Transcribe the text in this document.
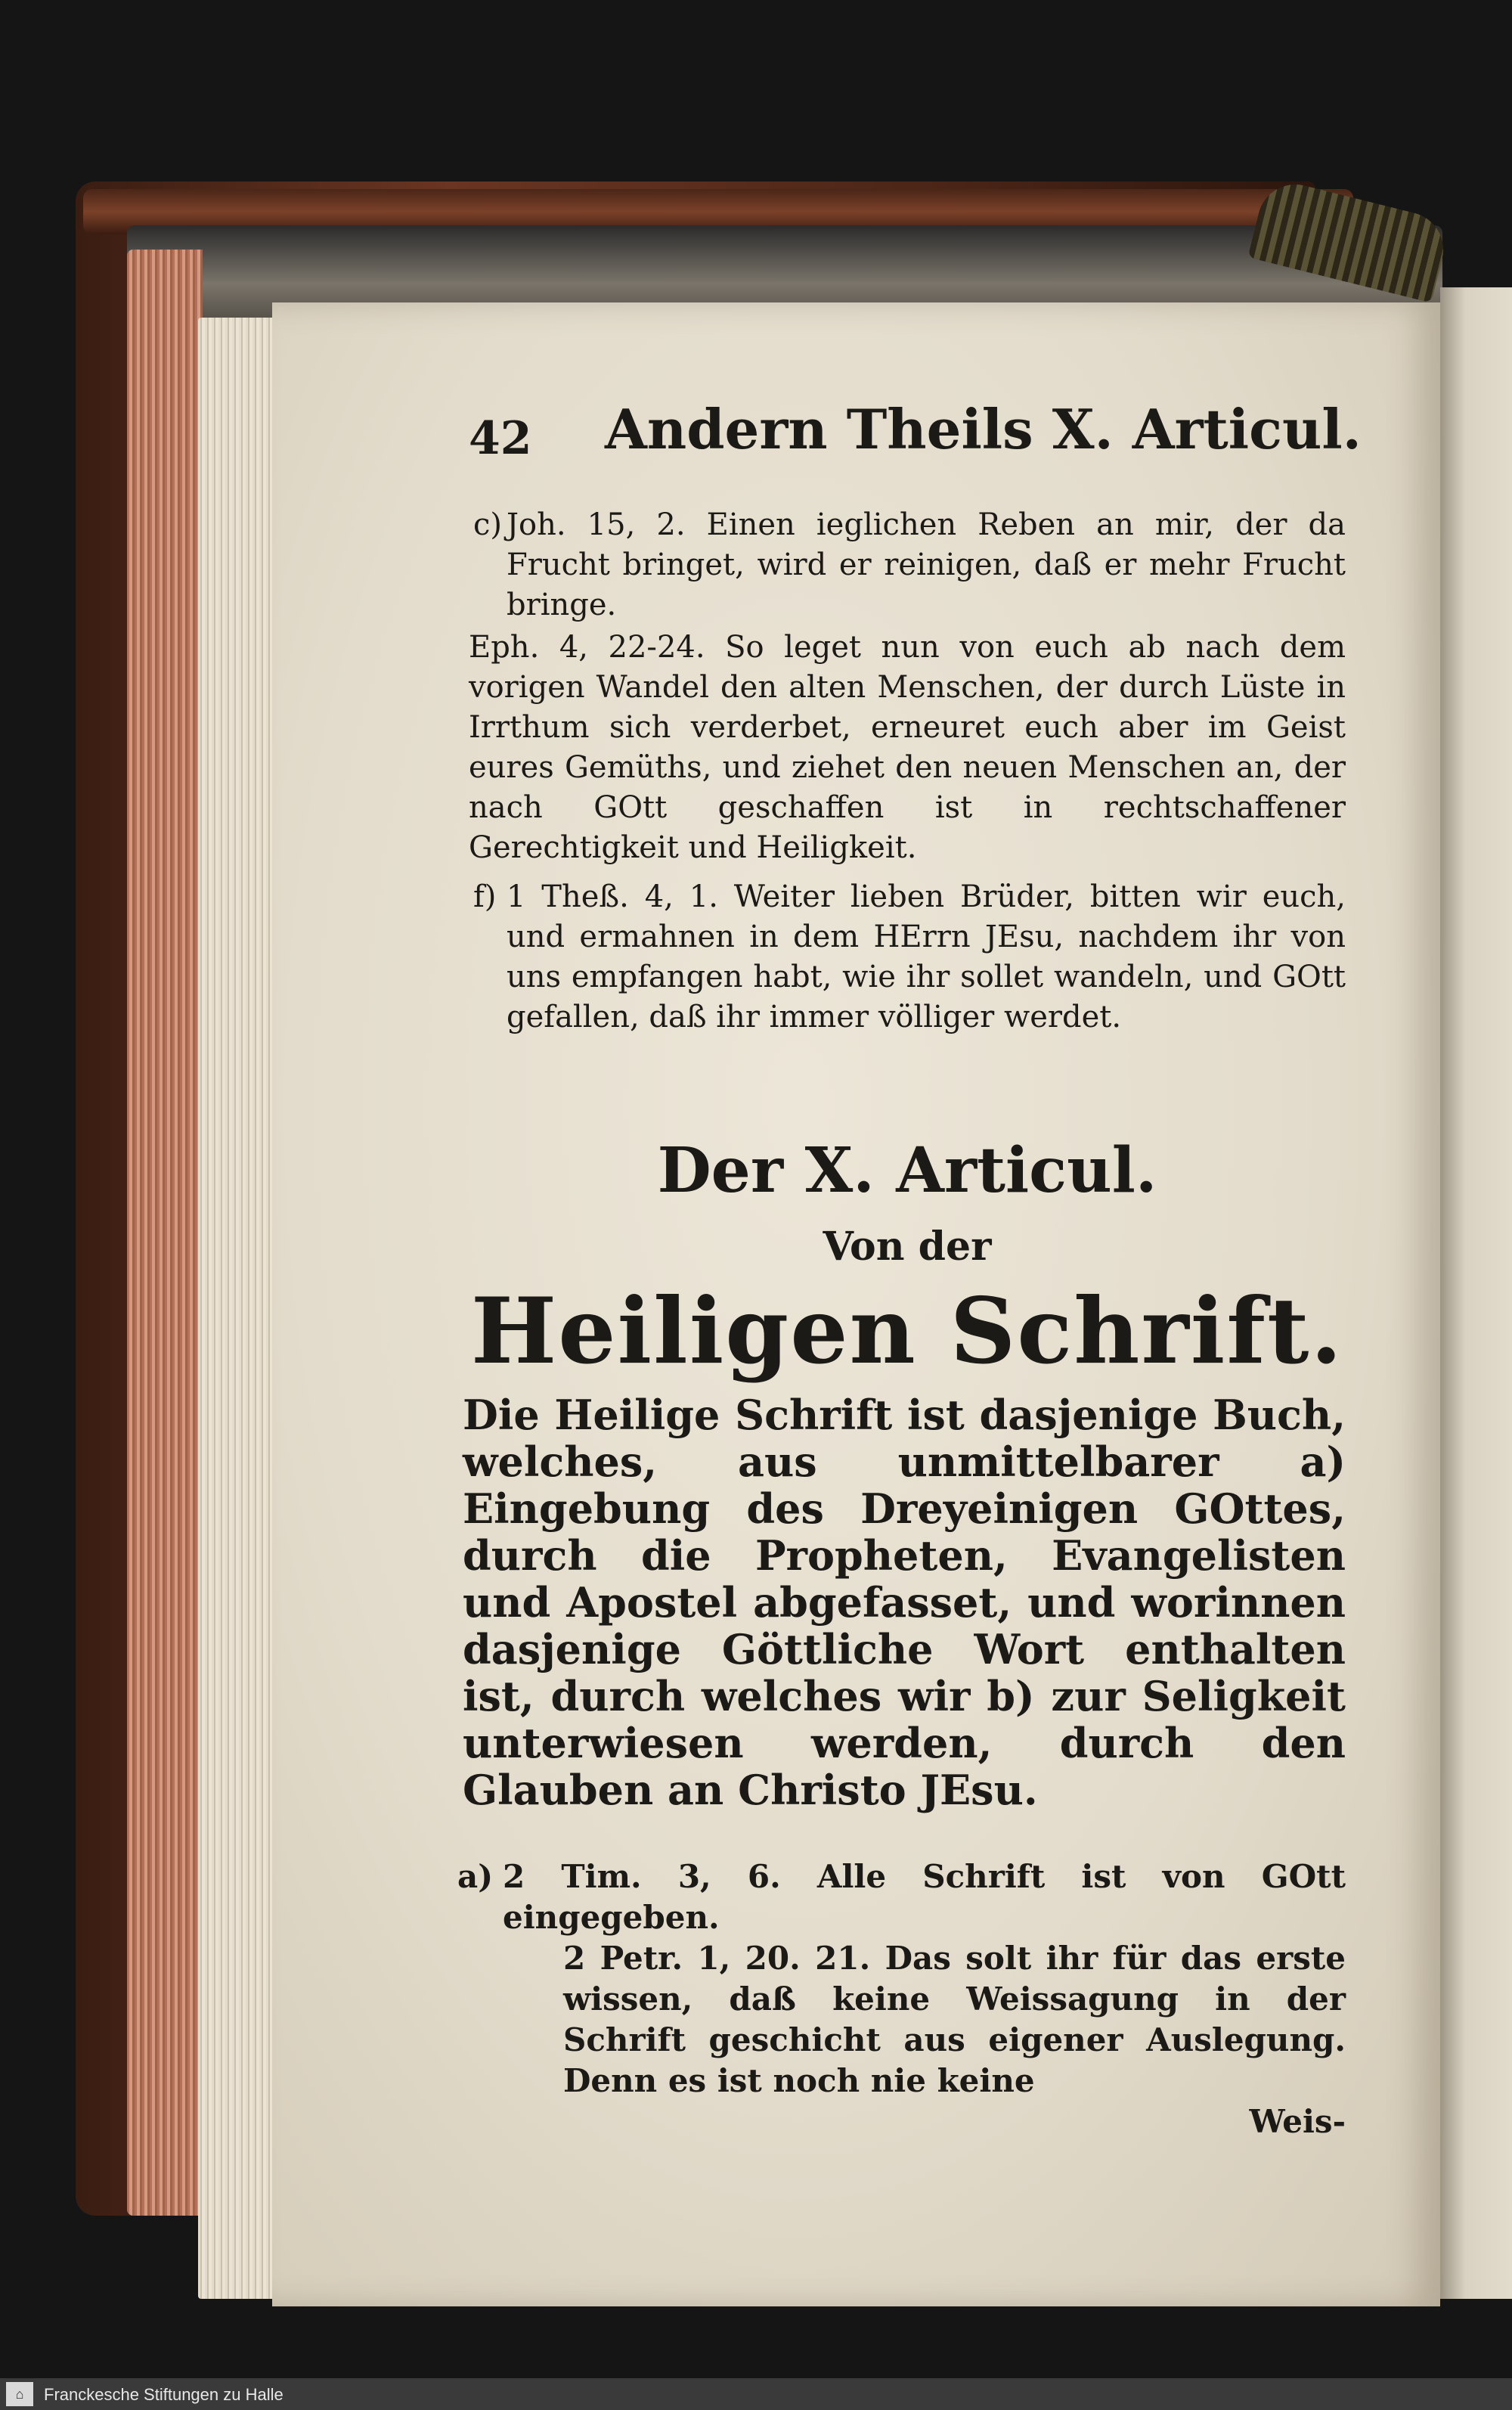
42 Andern Theils X. Articul.
c) Joh. 15, 2. Einen ieglichen Reben an mir, der da Frucht bringet, wird er reinigen, daß er mehr Frucht bringe.
Eph. 4, 22-24. So leget nun von euch ab nach dem vorigen Wandel den alten Menschen, der durch Lüste in Irrthum sich verderbet, erneuret euch aber im Geist eures Gemüths, und ziehet den neuen Menschen an, der nach GOtt geschaffen ist in rechtschaffener Gerechtigkeit und Heiligkeit.
f) 1 Theß. 4, 1. Weiter lieben Brüder, bitten wir euch, und ermahnen in dem HErrn JEsu, nachdem ihr von uns empfangen habt, wie ihr sollet wandeln, und GOtt gefallen, daß ihr immer völliger werdet.
Der X. Articul.
Von der
Heiligen Schrift.
Die Heilige Schrift ist dasjenige Buch, welches, aus unmittelbarer a) Eingebung des Dreyeinigen GOttes, durch die Propheten, Evangelisten und Apostel abgefasset, und worinnen dasjenige Göttliche Wort enthalten ist, durch welches wir b) zur Seligkeit unterwiesen werden, durch den Glauben an Christo JEsu.
a) 2 Tim. 3, 6. Alle Schrift ist von GOtt eingegeben.
2 Petr. 1, 20. 21. Das solt ihr für das erste wissen, daß keine Weissagung in der Schrift geschicht aus eigener Auslegung. Denn es ist noch nie keine
Weis-
⌂	Franckesche Stiftungen zu Halle
